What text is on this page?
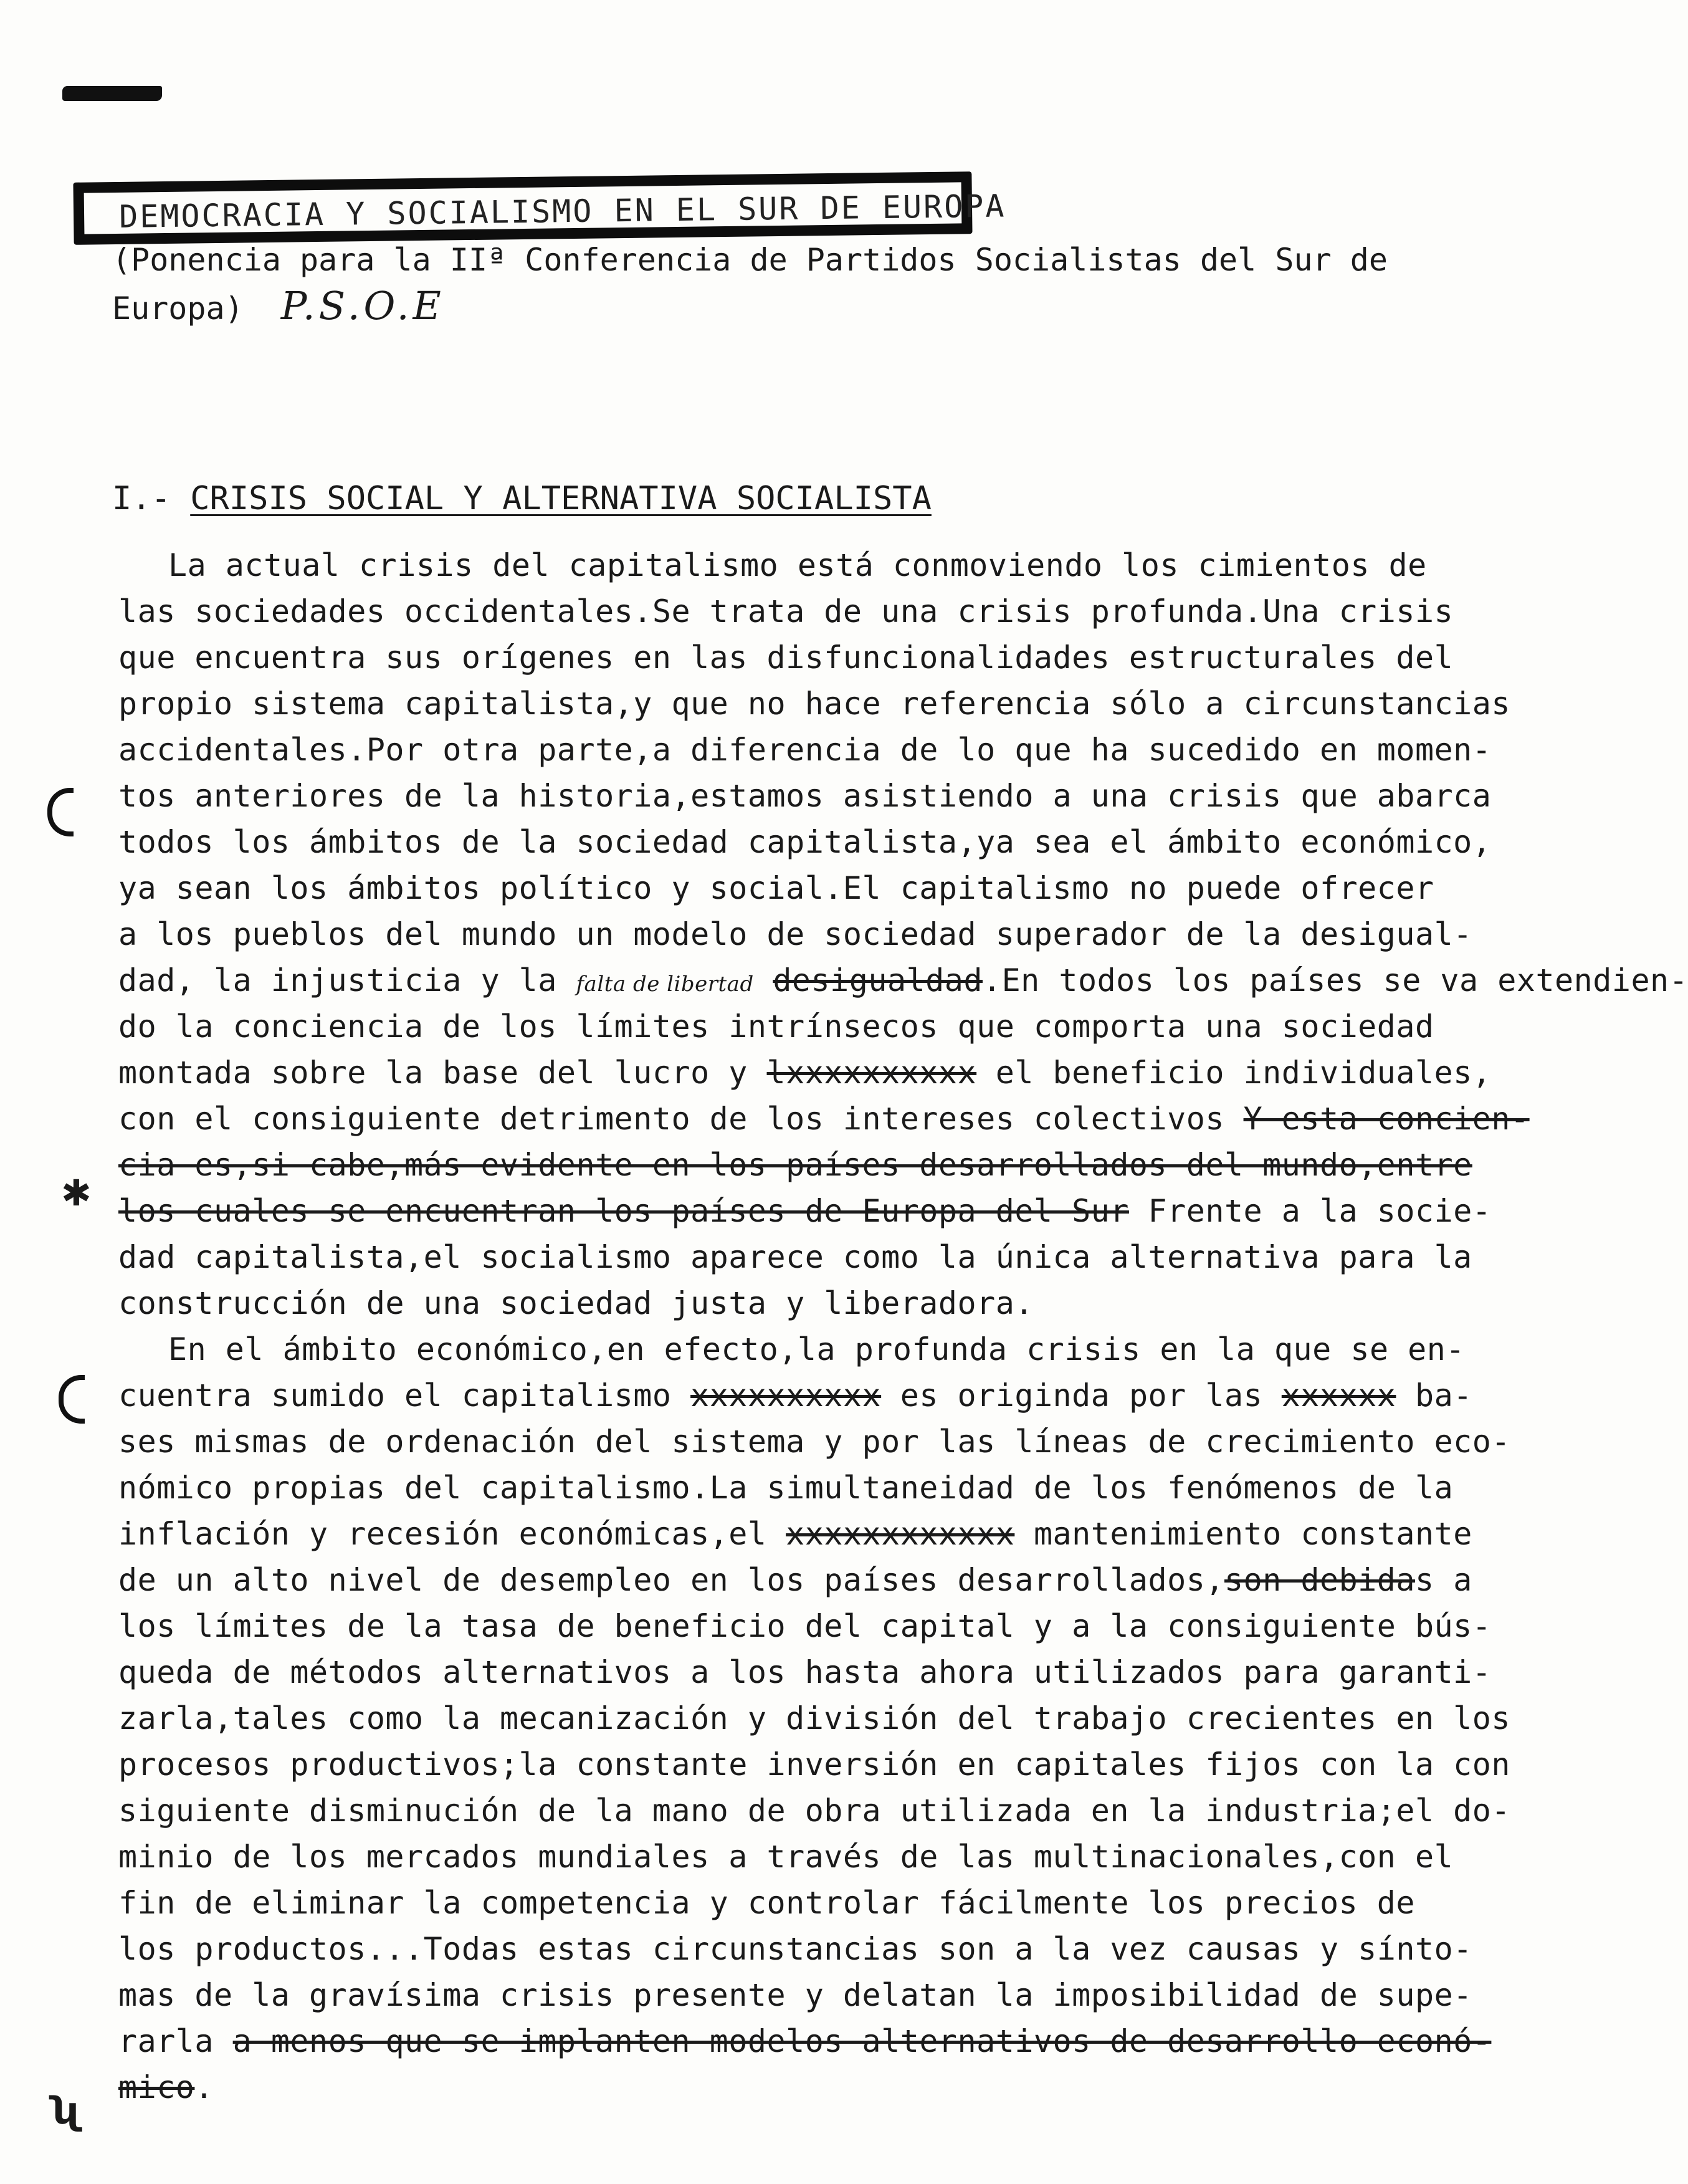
DEMOCRACIA Y SOCIALISMO EN EL SUR DE EUROPA
(Ponencia para la IIª Conferencia de Partidos Socialistas del Sur de
Europa) P.S.O.E
I.- CRISIS SOCIAL Y ALTERNATIVA SOCIALISTA
✱
ʯ
La actual crisis del capitalismo está conmoviendo los cimientos de
las sociedades occidentales.Se trata de una crisis profunda.Una crisis
que encuentra sus orígenes en las disfuncionalidades estructurales del
propio sistema capitalista,y que no hace referencia sólo a circunstancias
accidentales.Por otra parte,a diferencia de lo que ha sucedido en momen-
tos anteriores de la historia,estamos asistiendo a una crisis que abarca
todos los ámbitos de la sociedad capitalista,ya sea el ámbito económico,
ya sean los ámbitos político y social.El capitalismo no puede ofrecer
a los pueblos del mundo un modelo de sociedad superador de la desigual-
dad, la injusticia y la falta de libertad desigualdad.En todos los países se va extendien-
do la conciencia de los límites intrínsecos que comporta una sociedad
montada sobre la base del lucro y lxxxxxxxxxx el beneficio individuales,
con el consiguiente detrimento de los intereses colectivos Y esta concien-
cia es,si cabe,más evidente en los países desarrollados del mundo,entre
los cuales se encuentran los países de Europa del Sur Frente a la socie-
dad capitalista,el socialismo aparece como la única alternativa para la
construcción de una sociedad justa y liberadora.
En el ámbito económico,en efecto,la profunda crisis en la que se en-
cuentra sumido el capitalismo xxxxxxxxxx es originda por las xxxxxx ba-
ses mismas de ordenación del sistema y por las líneas de crecimiento eco-
nómico propias del capitalismo.La simultaneidad de los fenómenos de la
inflación y recesión económicas,el xxxxxxxxxxxx mantenimiento constante
de un alto nivel de desempleo en los países desarrollados,son debidas a
los límites de la tasa de beneficio del capital y a la consiguiente bús-
queda de métodos alternativos a los hasta ahora utilizados para garanti-
zarla,tales como la mecanización y división del trabajo crecientes en los
procesos productivos;la constante inversión en capitales fijos con la con
siguiente disminución de la mano de obra utilizada en la industria;el do-
minio de los mercados mundiales a través de las multinacionales,con el
fin de eliminar la competencia y controlar fácilmente los precios de
los productos...Todas estas circunstancias son a la vez causas y sínto-
mas de la gravísima crisis presente y delatan la imposibilidad de supe-
rarla a menos que se implanten modelos alternativos de desarrollo econó-
mico.
